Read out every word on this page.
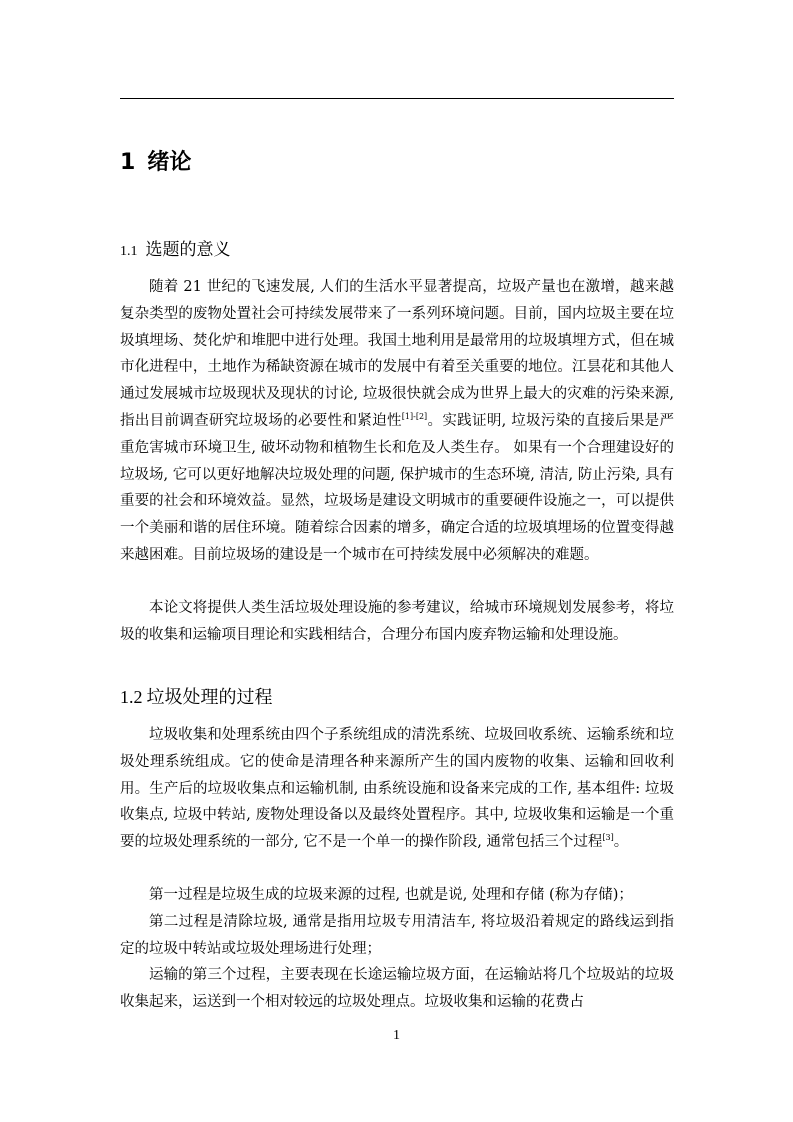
1 绪论
1.1 选题的意义

随着 21 世纪的飞速发展, 人们的生活水平显著提高，垃圾产量也在激增，越来越复杂类型的废物处置社会可持续发展带来了一系列环境问题。目前，国内垃圾主要在垃圾填埋场、焚化炉和堆肥中进行处理。我国土地利用是最常用的垃圾填埋方式，但在城市化进程中，土地作为稀缺资源在城市的发展中有着至关重要的地位。江昙花和其他人通过发展城市垃圾现状及现状的讨论, 垃圾很快就会成为世界上最大的灾难的污染来源, 指出目前调查研究垃圾场的必要性和紧迫性[1]-[2]。实践证明, 垃圾污染的直接后果是严重危害城市环境卫生, 破坏动物和植物生长和危及人类生存。 如果有一个合理建设好的垃圾场, 它可以更好地解决垃圾处理的问题, 保护城市的生态环境, 清洁, 防止污染, 具有重要的社会和环境效益。显然，垃圾场是建设文明城市的重要硬件设施之一，可以提供一个美丽和谐的居住环境。随着综合因素的增多，确定合适的垃圾填埋场的位置变得越来越困难。目前垃圾场的建设是一个城市在可持续发展中必须解决的难题。

本论文将提供人类生活垃圾处理设施的参考建议，给城市环境规划发展参考，将垃圾的收集和运输项目理论和实践相结合，合理分布国内废弃物运输和处理设施。

1.2 垃圾处理的过程

垃圾收集和处理系统由四个子系统组成的清洗系统、垃圾回收系统、运输系统和垃圾处理系统组成。它的使命是清理各种来源所产生的国内废物的收集、运输和回收利用。生产后的垃圾收集点和运输机制, 由系统设施和设备来完成的工作, 基本组件: 垃圾收集点, 垃圾中转站, 废物处理设备以及最终处置程序。其中, 垃圾收集和运输是一个重要的垃圾处理系统的一部分, 它不是一个单一的操作阶段, 通常包括三个过程[3]。

第一过程是垃圾生成的垃圾来源的过程, 也就是说, 处理和存储 (称为存储)；

第二过程是清除垃圾, 通常是指用垃圾专用清洁车, 将垃圾沿着规定的路线运到指定的垃圾中转站或垃圾处理场进行处理；

运输的第三个过程，主要表现在长途运输垃圾方面，在运输站将几个垃圾站的垃圾收集起来，运送到一个相对较远的垃圾处理点。垃圾收集和运输的花费占

1
